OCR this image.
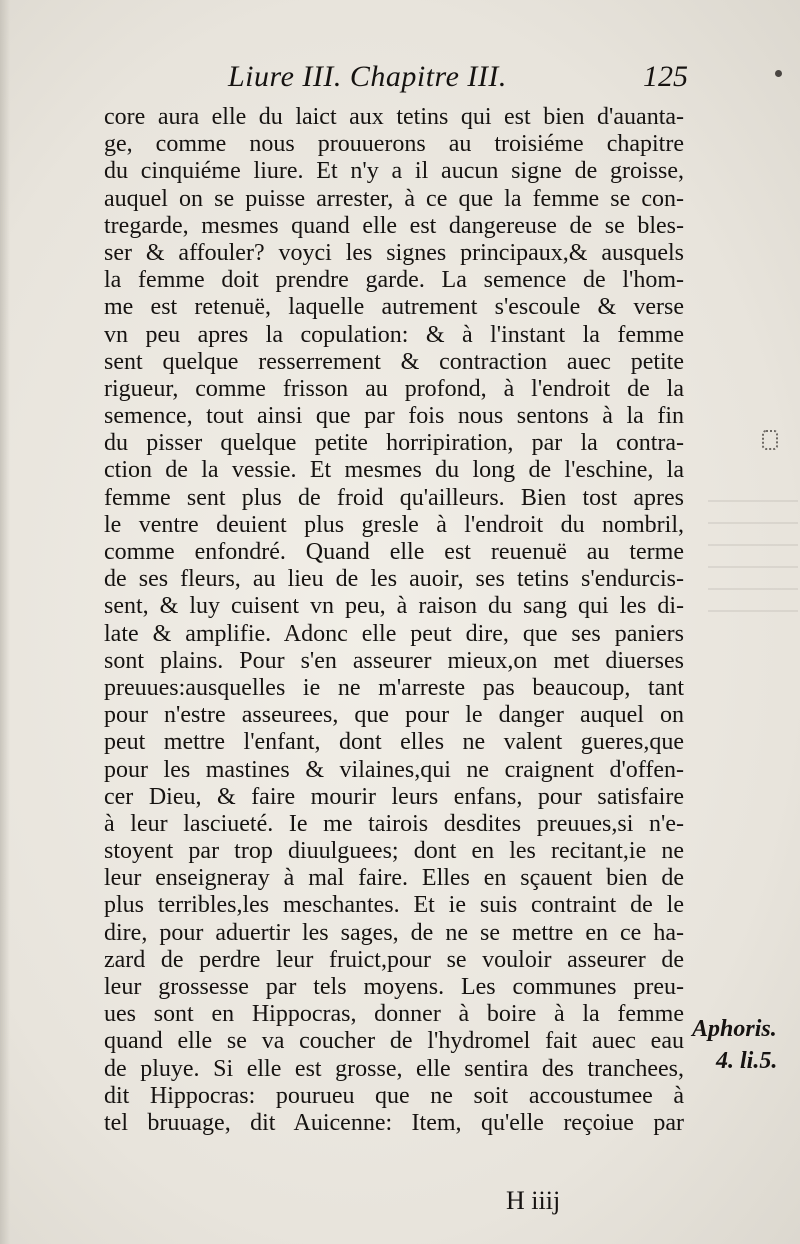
Liure III. Chapitre III.	125
core aura elle du laict aux tetins qui est bien d'auanta-
ge, comme nous prouuerons au troisiéme chapitre
du cinquiéme liure. Et n'y a il aucun signe de groisse,
auquel on se puisse arrester, à ce que la femme se con-
tregarde, mesmes quand elle est dangereuse de se bles-
ser & affouler? voyci les signes principaux,& ausquels
la femme doit prendre garde. La semence de l'hom-
me est retenuë, laquelle autrement s'escoule & verse
vn peu apres la copulation: & à l'instant la femme
sent quelque resserrement & contraction auec petite
rigueur, comme frisson au profond, à l'endroit de la
semence, tout ainsi que par fois nous sentons à la fin
du pisser quelque petite horripiration, par la contra-
ction de la vessie. Et mesmes du long de l'eschine, la
femme sent plus de froid qu'ailleurs. Bien tost apres
le ventre deuient plus gresle à l'endroit du nombril,
comme enfondré. Quand elle est reuenuë au terme
de ses fleurs, au lieu de les auoir, ses tetins s'endurcis-
sent, & luy cuisent vn peu, à raison du sang qui les di-
late & amplifie. Adonc elle peut dire, que ses paniers
sont plains. Pour s'en asseurer mieux,on met diuerses
preuues:ausquelles ie ne m'arreste pas beaucoup, tant
pour n'estre asseurees, que pour le danger auquel on
peut mettre l'enfant, dont elles ne valent gueres,que
pour les mastines & vilaines,qui ne craignent d'offen-
cer Dieu, & faire mourir leurs enfans, pour satisfaire
à leur lasciueté. Ie me tairois desdites preuues,si n'e-
stoyent par trop diuulguees; dont en les recitant,ie ne
leur enseigneray à mal faire. Elles en sçauent bien de
plus terribles,les meschantes. Et ie suis contraint de le
dire, pour aduertir les sages, de ne se mettre en ce ha-
zard de perdre leur fruict,pour se vouloir asseurer de
leur grossesse par tels moyens. Les communes preu-
ues sont en Hippocras, donner à boire à la femme
quand elle se va coucher de l'hydromel fait auec eau
de pluye. Si elle est grosse, elle sentira des tranchees,
dit Hippocras: pourueu que ne soit accoustumee à
tel bruuage, dit Auicenne: Item, qu'elle reçoiue par
Aphoris.
4. li.5.
H iiij
